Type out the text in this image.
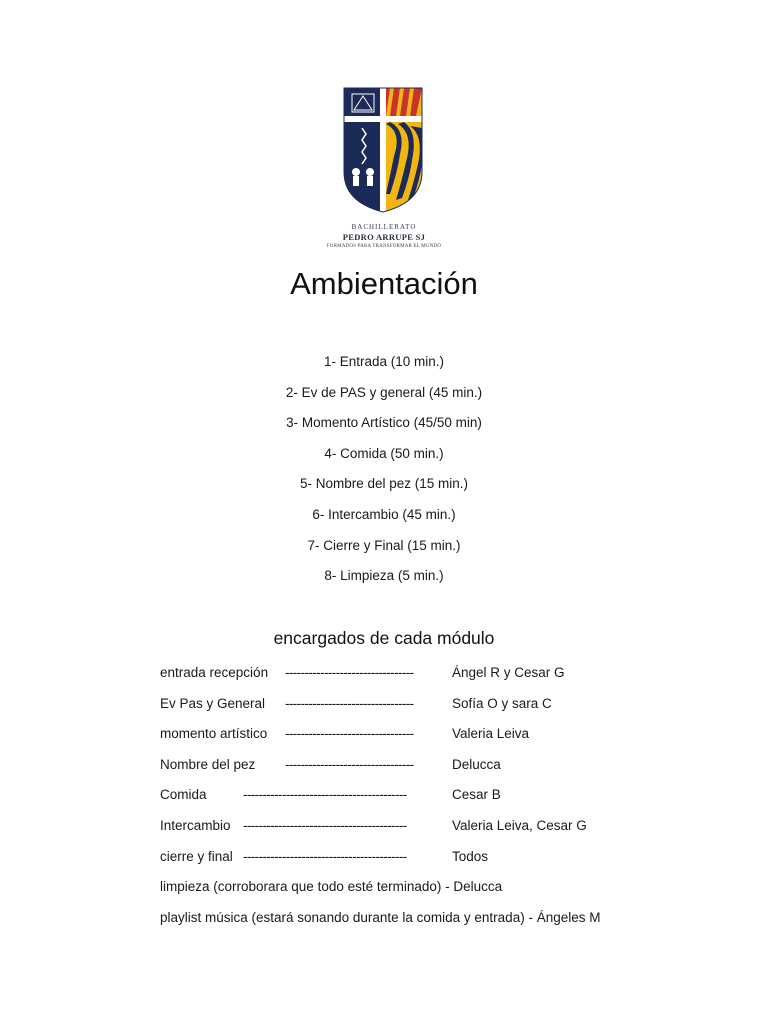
BACHILLERATO
PEDRO ARRUPE SJ
FORMADOS PARA TRANSFORMAR EL MUNDO
Ambientación
1- Entrada (10 min.)
2- Ev de PAS y general (45 min.)
3- Momento Artístico (45/50 min)
4- Comida (50 min.)
5- Nombre del pez (15 min.)
6- Intercambio (45 min.)
7- Cierre y Final (15 min.)
8- Limpieza (5 min.)
encargados de cada módulo
entrada recepción ---------------------------------	Ángel R y Cesar G
Ev Pas y General ---------------------------------	Sofía O y sara C
momento artístico ---------------------------------	Valeria Leiva
Nombre del pez ---------------------------------	Delucca
Comida	------------------------------------------	Cesar B
Intercambio ------------------------------------------	Valeria Leiva, Cesar G
cierre y final ------------------------------------------	Todos
limpieza (corroborara que todo esté terminado) - Delucca
playlist música (estará sonando durante la comida y entrada) - Ángeles M
